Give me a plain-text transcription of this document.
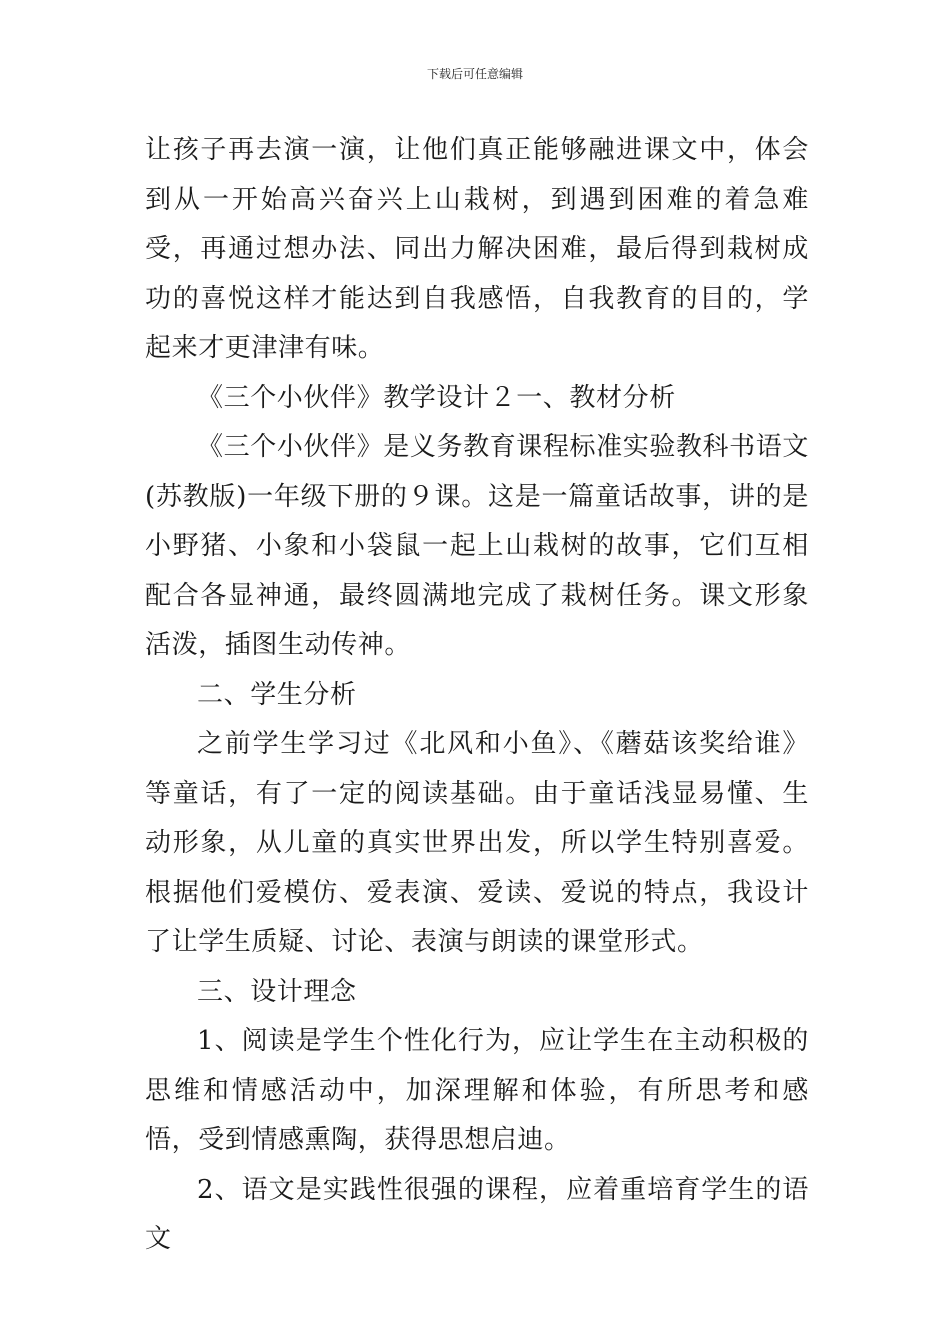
下载后可任意编辑

让孩子再去演一演，让他们真正能够融进课文中，体会到从一开始高兴奋兴上山栽树，到遇到困难的着急难受，再通过想办法、同出力解决困难，最后得到栽树成功的喜悦这样才能达到自我感悟，自我教育的目的，学起来才更津津有味。

《三个小伙伴》教学设计２一、教材分析

《三个小伙伴》是义务教育课程标准实验教科书语文(苏教版)一年级下册的９课。这是一篇童话故事，讲的是小野猪、小象和小袋鼠一起上山栽树的故事，它们互相配合各显神通，最终圆满地完成了栽树任务。课文形象活泼，插图生动传神。

二、学生分析

之前学生学习过《北风和小鱼》、《蘑菇该奖给谁》等童话，有了一定的阅读基础。由于童话浅显易懂、生动形象，从儿童的真实世界出发，所以学生特别喜爱。根据他们爱模仿、爱表演、爱读、爱说的特点，我设计了让学生质疑、讨论、表演与朗读的课堂形式。

三、设计理念

1、阅读是学生个性化行为，应让学生在主动积极的思维和情感活动中，加深理解和体验，有所思考和感悟，受到情感熏陶，获得思想启迪。

2、语文是实践性很强的课程，应着重培育学生的语文
